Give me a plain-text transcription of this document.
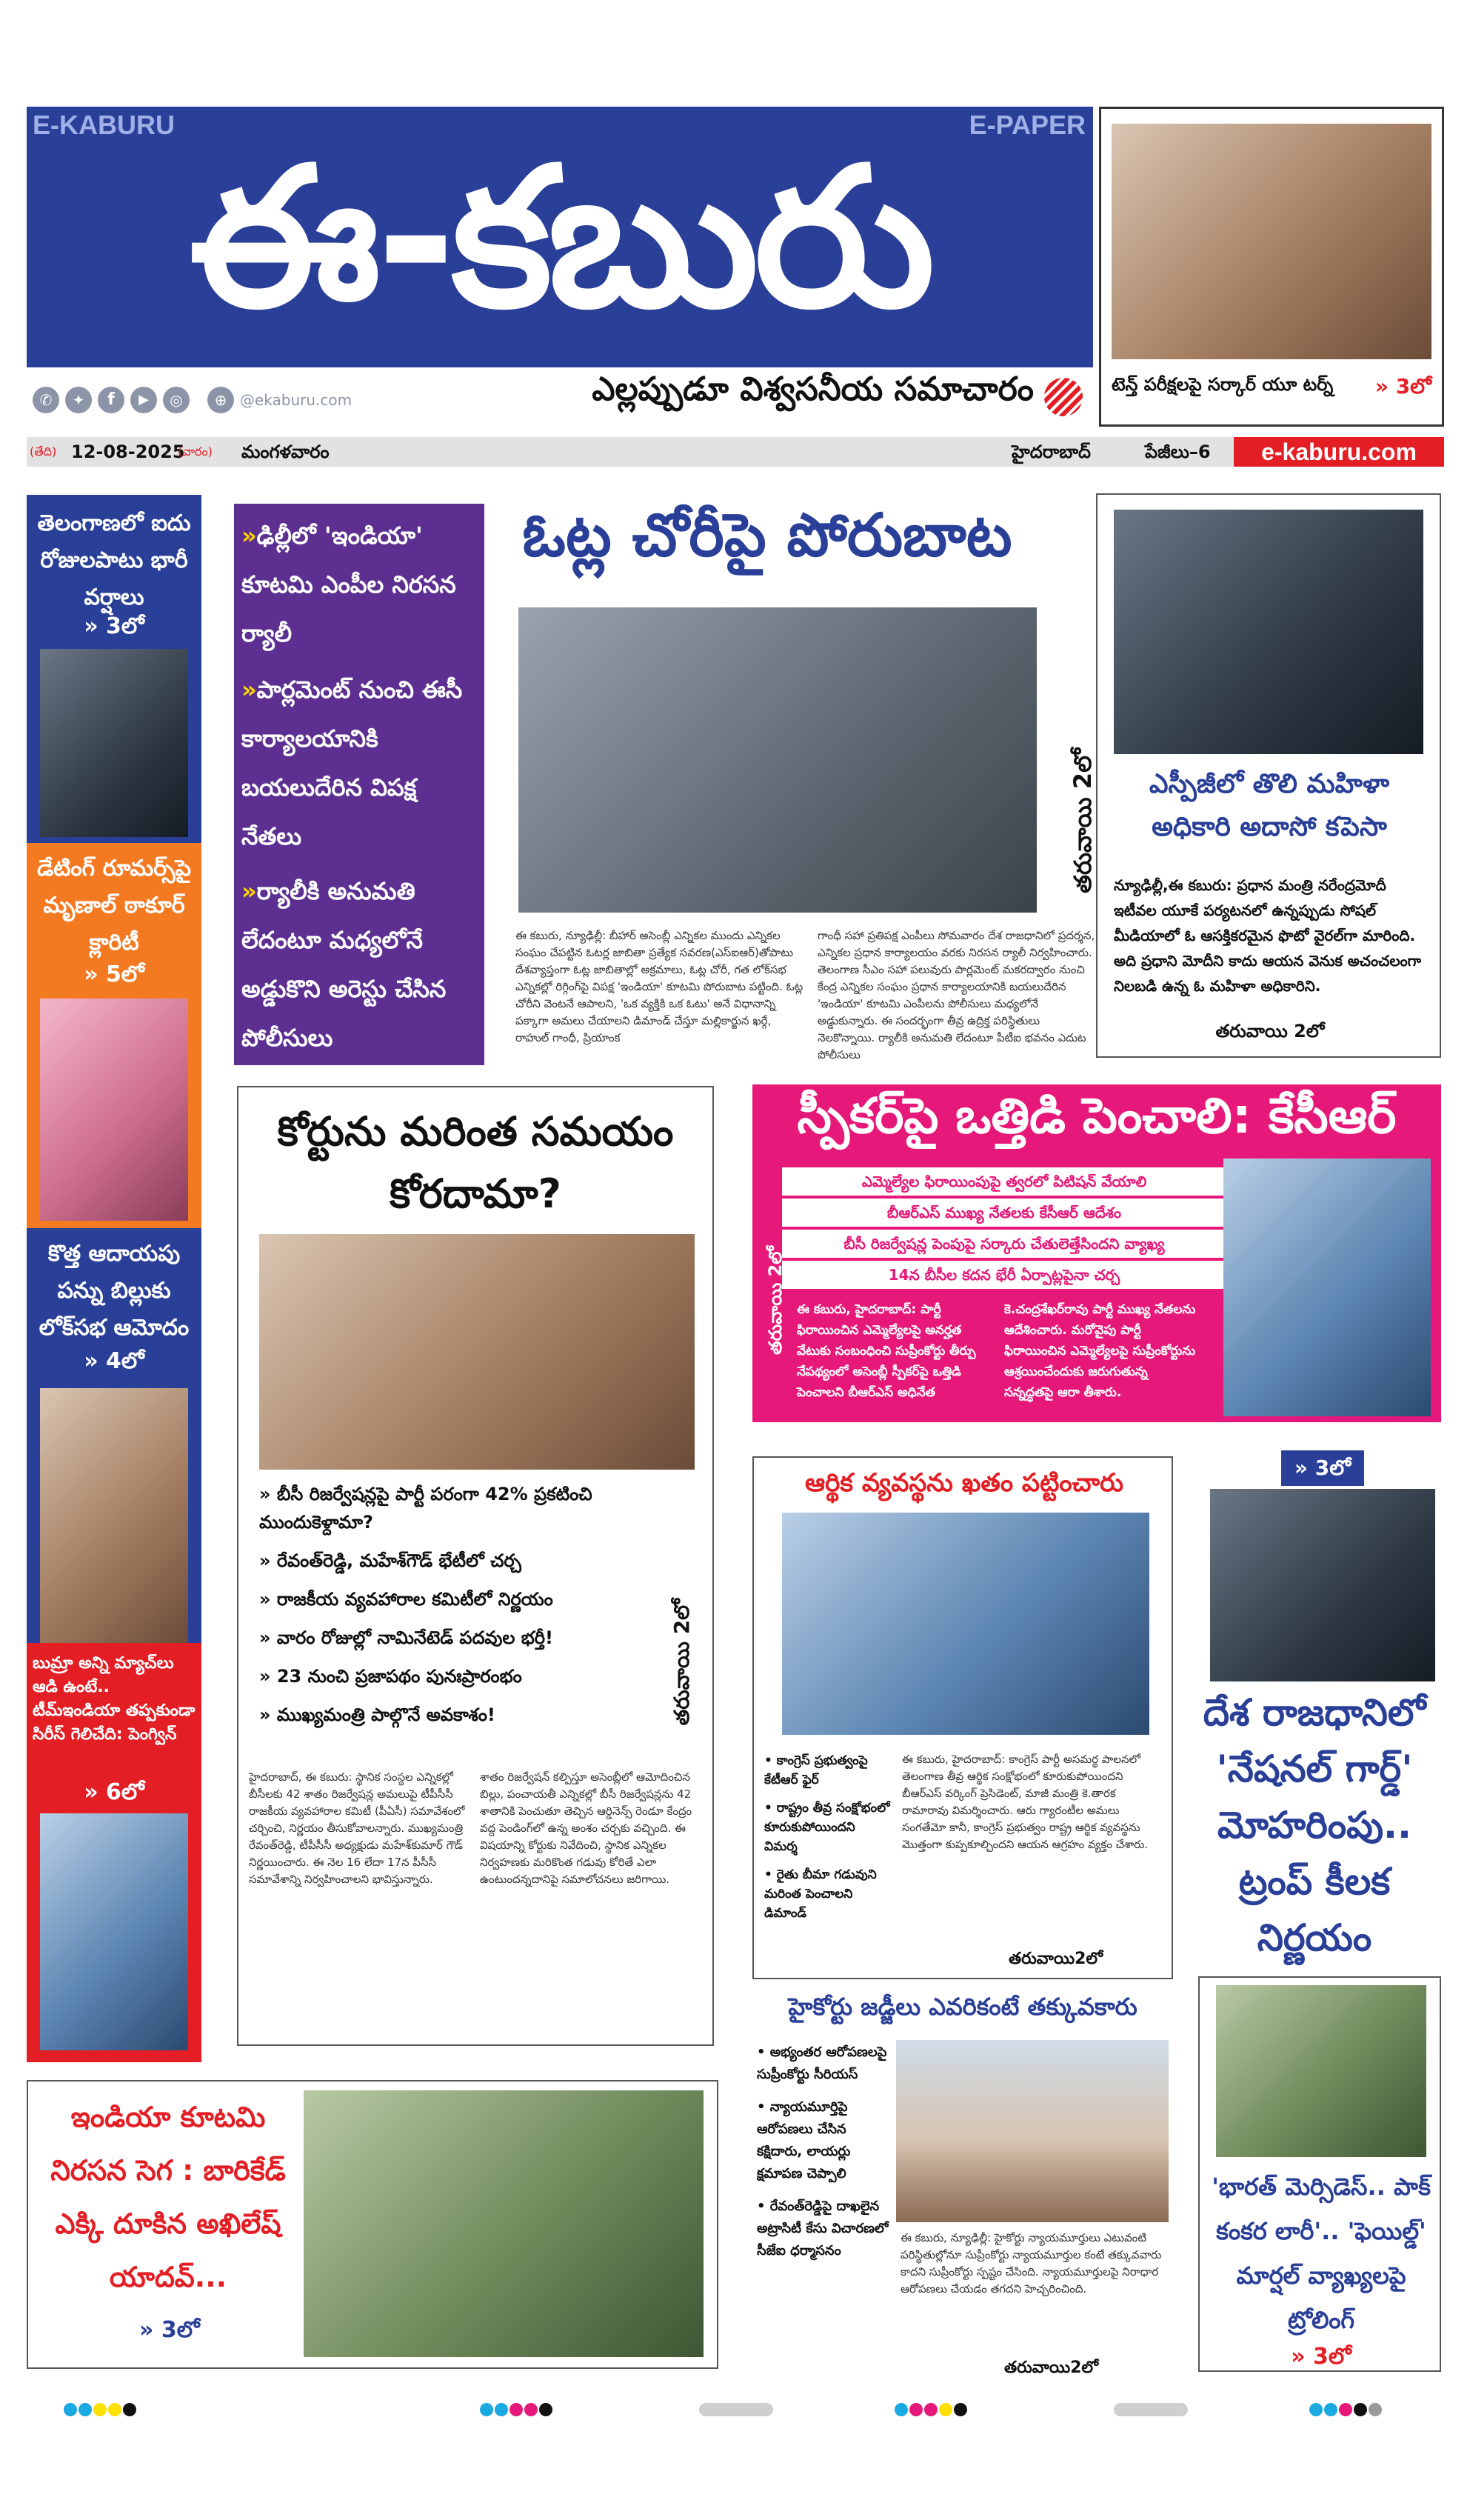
E-KABURU	E-PAPER
ఈ-కబురు
✆	✦	f	▶	◎	⊕ @ekaburu.com	ఎల్లప్పుడూ విశ్వసనీయ సమాచారం	టెన్త్ పరీక్షలపై సర్కార్ యూ టర్న్ » 3లో
(తేది) 12-08-2025
(వారం) మంగళవారం	హైదరాబాద్	పేజీలు–6	e-kaburu.com
తెలంగాణలో ఐదు రోజులపాటు భారీ వర్షాలు
» 3లో
డేటింగ్ రూమర్స్‌పై మృణాల్ ఠాకూర్ క్లారిటీ
» 5లో
కొత్త ఆదాయపు పన్ను బిల్లుకు లోక్‌సభ ఆమోదం
» 4లో
బుమ్రా అన్ని మ్యాచ్‌లు ఆడి ఉంటే.. టీమ్ఇండియా తప్పకుండా సిరీస్ గెలిచేది: పెంగ్విన్
» 6లో
»ఢిల్లీలో 'ఇండియా' కూటమి ఎంపీల నిరసన ర్యాలీ
»పార్లమెంట్ నుంచి ఈసీ కార్యాలయానికి బయలుదేరిన విపక్ష నేతలు
»ర్యాలీకి అనుమతి లేదంటూ మధ్యలోనే అడ్డుకొని అరెస్టు చేసిన పోలీసులు
ఓట్ల చోరీపై పోరుబాట
తరువాయి 2లో
ఈ కబురు, న్యూఢిల్లీ: బీహార్ అసెంబ్లీ ఎన్నికల ముందు ఎన్నికల సంఘం చేపట్టిన ఓటర్ల జాబితా ప్రత్యేక సవరణ(ఎస్ఐఆర్)తోపాటు దేశవ్యాప్తంగా ఓట్ల జాబితాల్లో అక్రమాలు, ఓట్ల చోరీ, గత లోక్‌సభ ఎన్నికల్లో రిగ్గింగ్‌పై విపక్ష 'ఇండియా' కూటమి పోరుబాట పట్టింది. ఓట్ల చోరీని వెంటనే ఆపాలని, 'ఒక వ్యక్తికి ఒక ఓటు' అనే విధానాన్ని పక్కాగా అమలు చేయాలని డిమాండ్ చేస్తూ మల్లికార్జున ఖర్గే, రాహుల్ గాంధీ, ప్రియాంక
గాంధీ సహా ప్రతిపక్ష ఎంపీలు సోమవారం దేశ రాజధానిలో ప్రదర్శన, ఎన్నికల ప్రధాన కార్యాలయం వరకు నిరసన ర్యాలీ నిర్వహించారు. తెలంగాణ సీఎం సహా పలువురు పార్లమెంట్ మకరద్వారం నుంచి కేంద్ర ఎన్నికల సంఘం ప్రధాన కార్యాలయానికి బయలుదేరిన 'ఇండియా' కూటమి ఎంపీలను పోలీసులు మధ్యలోనే అడ్డుకున్నారు. ఈ సందర్భంగా తీవ్ర ఉద్రిక్త పరిస్థితులు నెలకొన్నాయి. ర్యాలీకి అనుమతి లేదంటూ పీటీఐ భవనం ఎదుట పోలీసులు
ఎస్పీజీలో తొలి మహిళా అధికారి అదాసో కపెసా
న్యూఢిల్లీ,ఈ కబురు: ప్రధాన మంత్రి నరేంద్రమోదీ ఇటీవల యూకే పర్యటనలో ఉన్నప్పుడు సోషల్ మీడియాలో ఓ ఆసక్తికరమైన ఫొటో వైరల్‌గా మారింది. అది ప్రధాని మోదీని కాదు ఆయన వెనుక అచంచలంగా నిలబడి ఉన్న ఓ మహిళా అధికారిని.
తరువాయి 2లో
కోర్టును మరింత సమయం కోరదామా?
తరువాయి 2లో
» బీసీ రిజర్వేషన్లపై పార్టీ పరంగా 42% ప్రకటించి ముందుకెళ్దామా?
» రేవంత్‌రెడ్డి, మహేశ్‌గౌడ్ భేటీలో చర్చ
» రాజకీయ వ్యవహారాల కమిటీలో నిర్ణయం
» వారం రోజుల్లో నామినేటెడ్ పదవుల భర్తీ!
» 23 నుంచి ప్రజాపథం పునఃప్రారంభం
» ముఖ్యమంత్రి పాల్గొనే అవకాశం!
హైదరాబాద్, ఈ కబురు: స్థానిక సంస్థల ఎన్నికల్లో బీసీలకు 42 శాతం రిజర్వేషన్ల అమలుపై టీపీసీసీ రాజకీయ వ్యవహారాల కమిటీ (పీఏసీ) సమావేశంలో చర్చించి, నిర్ణయం తీసుకోవాలన్నారు. ముఖ్యమంత్రి రేవంత్‌రెడ్డి, టీపీసీసీ అధ్యక్షుడు మహేశ్‌కుమార్ గౌడ్ నిర్ణయించారు. ఈ నెల 16 లేదా 17న పీసీసీ సమావేశాన్ని నిర్వహించాలని భావిస్తున్నారు.
శాతం రిజర్వేషన్ కల్పిస్తూ అసెంబ్లీలో ఆమోదించిన బిల్లు, పంచాయతీ ఎన్నికల్లో బీసీ రిజర్వేషన్లను 42 శాతానికి పెంచుతూ తెచ్చిన ఆర్డినెన్స్ రెండూ కేంద్రం వద్ద పెండింగ్‌లో ఉన్న అంశం చర్చకు వచ్చింది. ఈ విషయాన్ని కోర్టుకు నివేదించి, స్థానిక ఎన్నికల నిర్వహణకు మరికొంత గడువు కోరితే ఎలా ఉంటుందన్నదానిపై సమాలోచనలు జరిగాయి.
స్పీకర్‌పై ఒత్తిడి పెంచాలి: కేసీఆర్
ఎమ్మెల్యేల ఫిరాయింపుపై త్వరలో పిటిషన్ వేయాలి
బీఆర్ఎస్ ముఖ్య నేతలకు కేసీఆర్ ఆదేశం
బీసీ రిజర్వేషన్ల పెంపుపై సర్కారు చేతులెత్తేసిందని వ్యాఖ్య
14న బీసీల కదన భేరీ ఏర్పాట్లపైనా చర్చ
తరువాయి 2లో ఈ కబురు, హైదరాబాద్: పార్టీ ఫిరాయించిన ఎమ్మెల్యేలపై అనర్హత వేటుకు సంబంధించి సుప్రీంకోర్టు తీర్పు నేపథ్యంలో అసెంబ్లీ స్పీకర్‌పై ఒత్తిడి పెంచాలని బీఆర్ఎస్ అధినేత
కె.చంద్రశేఖర్‌రావు పార్టీ ముఖ్య నేతలను ఆదేశించారు. మరోవైపు పార్టీ ఫిరాయించిన ఎమ్మెల్యేలపై సుప్రీంకోర్టును ఆశ్రయించేందుకు జరుగుతున్న సన్నద్ధతపై ఆరా తీశారు.
ఆర్థిక వ్యవస్థను ఖతం పట్టించారు
• కాంగ్రెస్ ప్రభుత్వంపై కేటీఆర్ ఫైర్
• రాష్ట్రం తీవ్ర సంక్షోభంలో కూరుకుపోయిందని విమర్శ
• రైతు బీమా గడువుని మరింత పెంచాలని డిమాండ్
ఈ కబురు, హైదరాబాద్: కాంగ్రెస్ పార్టీ అసమర్థ పాలనలో తెలంగాణ తీవ్ర ఆర్థిక సంక్షోభంలో కూరుకుపోయిందని బీఆర్ఎస్ వర్కింగ్ ప్రెసిడెంట్, మాజీ మంత్రి కె.తారక రామారావు విమర్శించారు. ఆరు గ్యారంటీల అమలు సంగతేమో కానీ, కాంగ్రెస్ ప్రభుత్వం రాష్ట్ర ఆర్థిక వ్యవస్థను మొత్తంగా కుప్పకూల్చిందని ఆయన ఆగ్రహం వ్యక్తం చేశారు.
తరువాయి2లో
» 3లో
దేశ రాజధానిలో 'నేషనల్ గార్డ్' మోహరింపు.. ట్రంప్ కీలక నిర్ణయం
ఇండియా కూటమి నిరసన సెగ : బారికేడ్ ఎక్కి దూకిన అఖిలేష్ యాదవ్...
» 3లో
హైకోర్టు జడ్జీలు ఎవరికంటే తక్కువకారు
• అభ్యంతర ఆరోపణలపై సుప్రీంకోర్టు సీరియస్
• న్యాయమూర్తిపై ఆరోపణలు చేసిన కక్షిదారు, లాయర్లు క్షమాపణ చెప్పాలి
• రేవంత్‌రెడ్డిపై దాఖలైన అట్రాసిటీ కేసు విచారణలో సీజేఐ ధర్మాసనం
ఈ కబురు, న్యూఢిల్లీ: హైకోర్టు న్యాయమూర్తులు ఎటువంటి పరిస్థితుల్లోనూ సుప్రీంకోర్టు న్యాయమూర్తుల కంటే తక్కువవారు కాదని సుప్రీంకోర్టు స్పష్టం చేసింది. న్యాయమూర్తులపై నిరాధార ఆరోపణలు చేయడం తగదని హెచ్చరించింది.
తరువాయి2లో
'భారత్ మెర్సిడెస్.. పాక్ కంకర లారీ'.. 'ఫెయిల్డ్' మార్షల్ వ్యాఖ్యలపై ట్రోలింగ్
» 3లో
